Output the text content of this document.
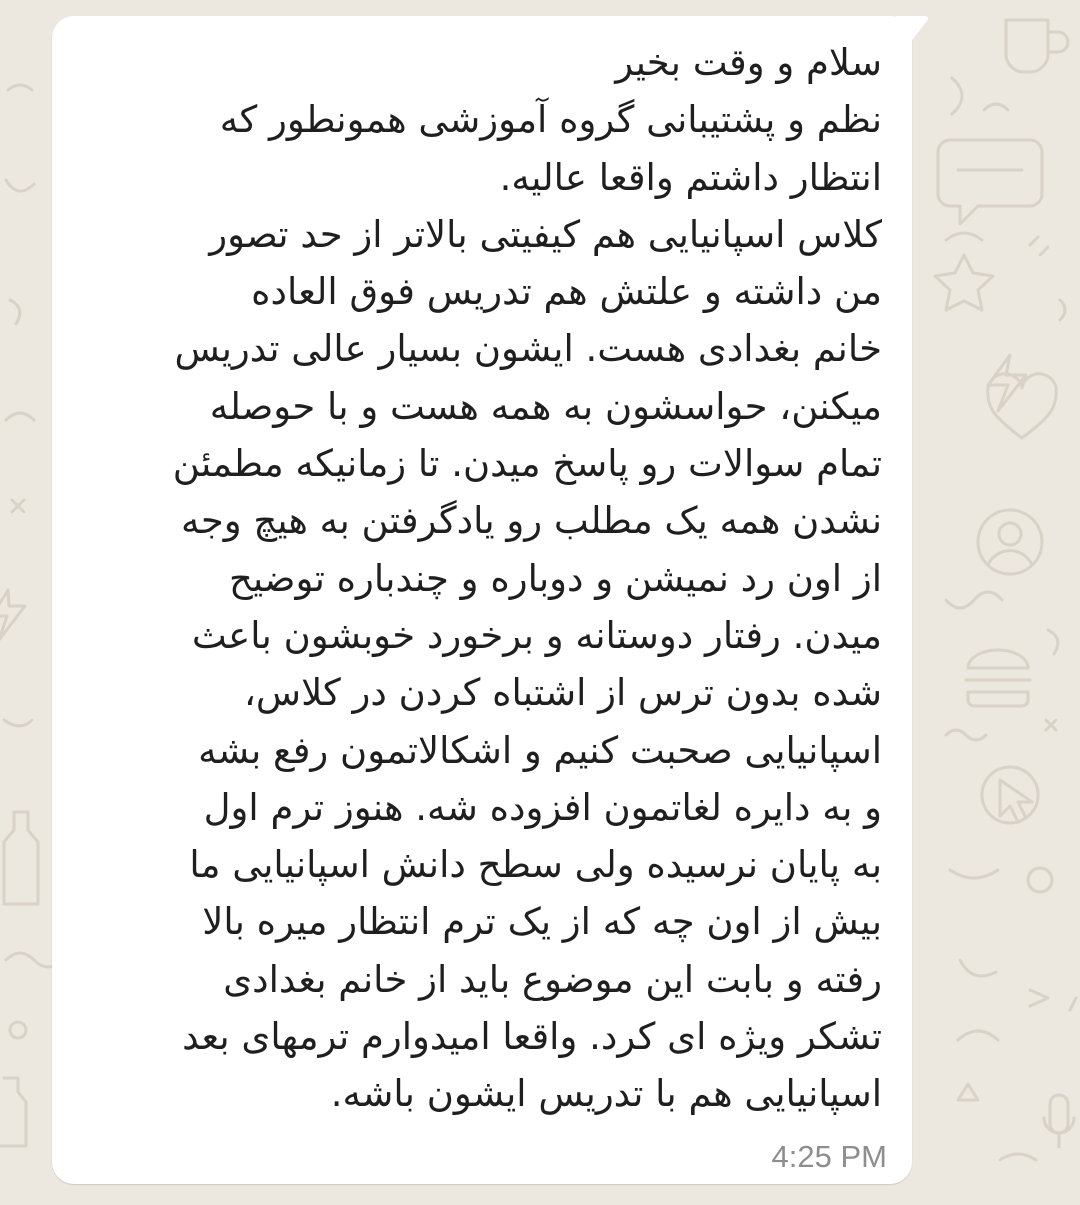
سلام و وقت بخیر
نظم و پشتیبانی گروه آموزشی همونطور که
انتظار داشتم واقعا عالیه.
کلاس اسپانیایی هم کیفیتی بالاتر از حد تصور
من داشته و علتش هم تدریس فوق العاده
خانم بغدادی هست. ایشون بسیار عالی تدریس
میکنن، حواسشون به همه هست و با حوصله
تمام سوالات رو پاسخ میدن. تا زمانیکه مطمئن
نشدن همه یک مطلب رو یادگرفتن به هیچ وجه
از اون رد نمیشن و دوباره و چندباره توضیح
میدن. رفتار دوستانه و برخورد خوبشون باعث
شده بدون ترس از اشتباه کردن در کلاس،
اسپانیایی صحبت کنیم و اشکالاتمون رفع بشه
و به دایره لغاتمون افزوده شه. هنوز ترم اول
به پایان نرسیده ولی سطح دانش اسپانیایی ما
بیش از اون چه که از یک ترم انتظار میره بالا
رفته و بابت این موضوع باید از خانم بغدادی
تشکر ویژه ای کرد. واقعا امیدوارم ترمهای بعد
اسپانیایی هم با تدریس ایشون باشه.
4:25 PM
